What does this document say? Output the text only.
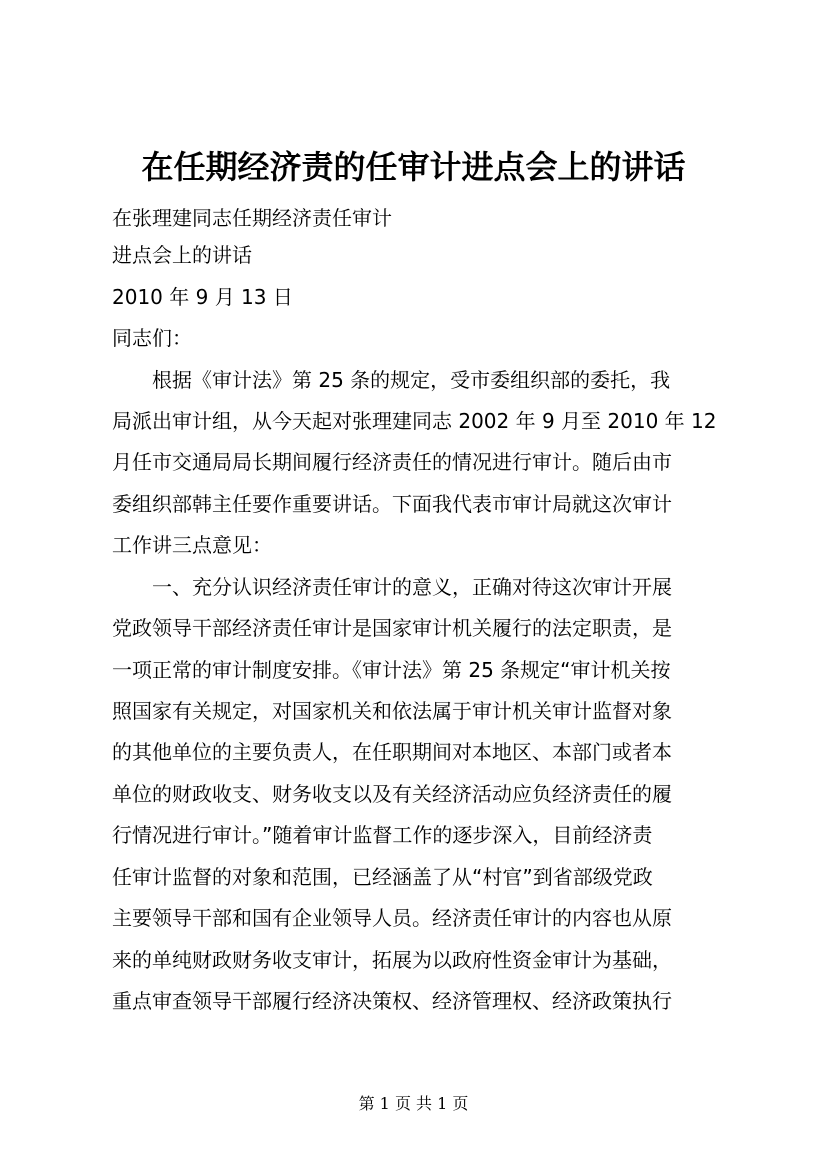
在任期经济责的任审计进点会上的讲话
在张理建同志任期经济责任审计
进点会上的讲话
2010 年 9 月 13 日
同志们：
根据《审计法》第 25 条的规定，受市委组织部的委托，我
局派出审计组，从今天起对张理建同志 2002 年 9 月至 2010 年 12
月任市交通局局长期间履行经济责任的情况进行审计。随后由市
委组织部韩主任要作重要讲话。下面我代表市审计局就这次审计
工作讲三点意见：
一、充分认识经济责任审计的意义，正确对待这次审计开展
党政领导干部经济责任审计是国家审计机关履行的法定职责，是
一项正常的审计制度安排。《审计法》第 25 条规定“审计机关按
照国家有关规定，对国家机关和依法属于审计机关审计监督对象
的其他单位的主要负责人，在任职期间对本地区、本部门或者本
单位的财政收支、财务收支以及有关经济活动应负经济责任的履
行情况进行审计。”随着审计监督工作的逐步深入，目前经济责
任审计监督的对象和范围，已经涵盖了从“村官”到省部级党政
主要领导干部和国有企业领导人员。经济责任审计的内容也从原
来的单纯财政财务收支审计，拓展为以政府性资金审计为基础，
重点审查领导干部履行经济决策权、经济管理权、经济政策执行
第 1 页 共 1 页
